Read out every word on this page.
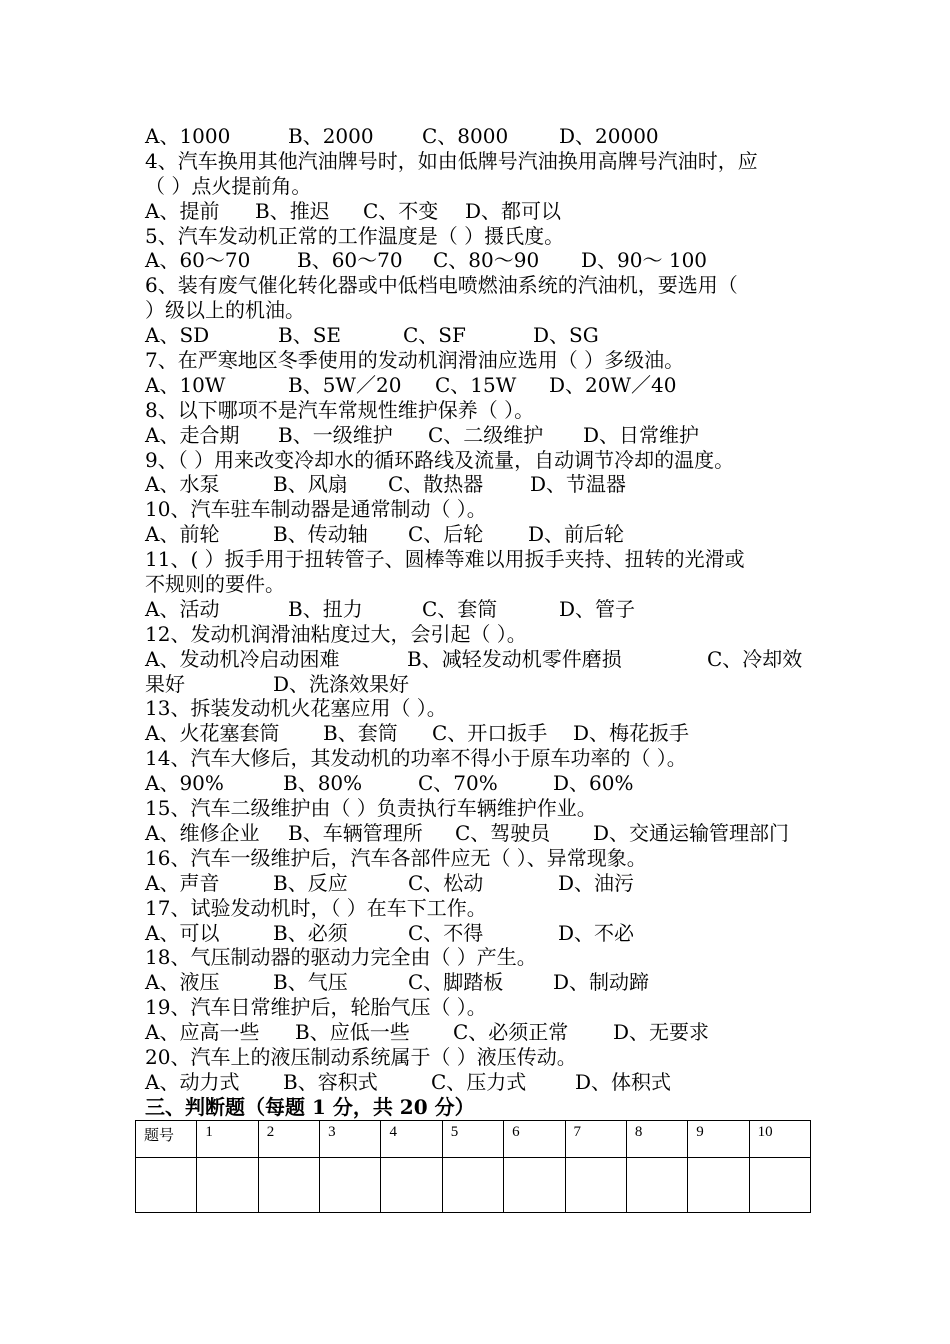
A、1000	B、2000 C、8000	D、20000
4、汽车换用其他汽油牌号时，如由低牌号汽油换用高牌号汽油时，应
（ ）点火提前角。
A、提前 B、推迟 C、不变 D、都可以
5、汽车发动机正常的工作温度是（ ）摄氏度。
A、60～70 B、60～70 C、80～90 D、90～ 100
6、装有废气催化转化器或中低档电喷燃油系统的汽油机，要选用（
）级以上的机油。
A、SD	B、SE	C、SF	D、SG
7、在严寒地区冬季使用的发动机润滑油应选用（ ）多级油。
A、10W	B、5W／20 C、15W D、20W／40
8、以下哪项不是汽车常规性维护保养（ ）。
A、走合期 B、一级维护 C、二级维护 D、日常维护
9、（ ）用来改变冷却水的循环路线及流量，自动调节冷却的温度。
A、水泵	B、风扇 C、散热器 D、节温器
10、汽车驻车制动器是通常制动（ ）。
A、前轮	B、传动轴 C、后轮 D、前后轮
11、( ）扳手用于扭转管子、圆棒等难以用扳手夹持、扭转的光滑或
不规则的要件。
A、活动	B、扭力	C、套筒	D、管子
12、发动机润滑油粘度过大，会引起（ ）。
A、发动机冷启动困难	B、减轻发动机零件磨损	C、冷却效
果好	D、洗涤效果好
13、拆装发动机火花塞应用（ ）。
A、火花塞套筒 B、套筒 C、开口扳手 D、梅花扳手
14、汽车大修后，其发动机的功率不得小于原车功率的（ ）。
A、90%	B、80%	C、70%	D、60%
15、汽车二级维护由（ ）负责执行车辆维护作业。
A、维修企业 B、车辆管理所 C、驾驶员 D、交通运输管理部门
16、汽车一级维护后，汽车各部件应无（ ）、异常现象。
A、声音	B、反应	C、松动	D、油污
17、试验发动机时，（ ）在车下工作。
A、可以	B、必须	C、不得	D、不必
18、气压制动器的驱动力完全由（ ）产生。
A、液压	B、气压	C、脚踏板 D、制动蹄
19、汽车日常维护后，轮胎气压（ ）。
A、应高一些 B、应低一些 C、必须正常 D、无要求
20、汽车上的液压制动系统属于（ ）液压传动。
A、动力式 B、容积式	C、压力式 D、体积式
三、判断题（每题 1 分，共 20 分）
题号	1	2	3	4	5	6	7	8	9	10
